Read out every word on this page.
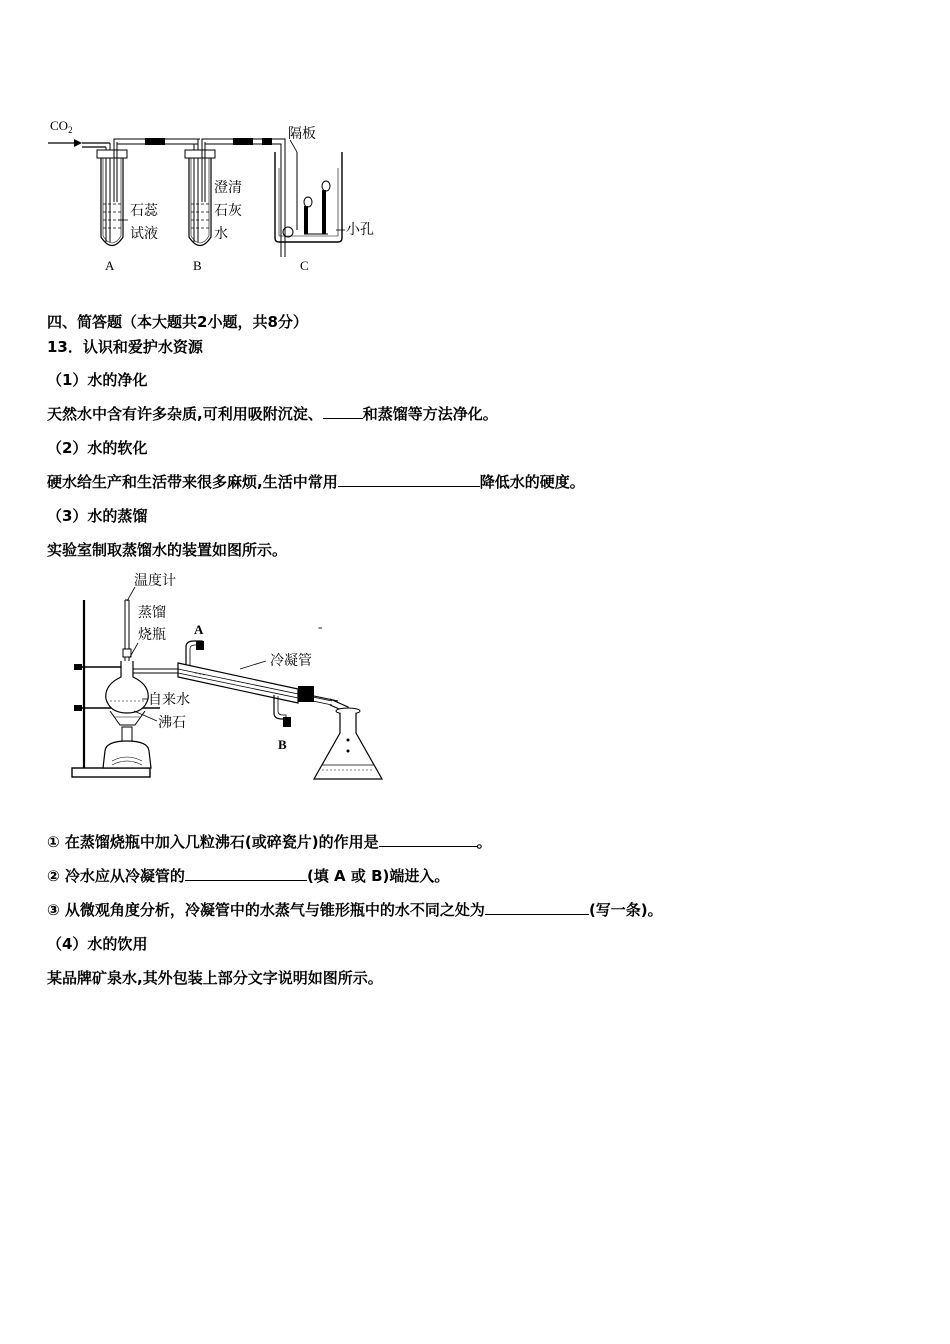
$CO_2$
石蕊
试液
A
澄清
石灰
水
B
隔板
小孔
C
四、简答题（本大题共2小题，共8分）
13．认识和爱护水资源
（1）水的净化
天然水中含有许多杂质,可利用吸附沉淀、	和蒸馏等方法净化。
（2）水的软化
硬水给生产和生活带来很多麻烦,生活中常用	降低水的硬度。
（3）水的蒸馏
实验室制取蒸馏水的装置如图所示。
温度计
蒸馏
烧瓶
自来水
沸石
A
B
冷凝管
-
① 在蒸馏烧瓶中加入几粒沸石(或碎瓷片)的作用是	。
② 冷水应从冷凝管的	(填 A 或 B)端进入。
③ 从微观角度分析，冷凝管中的水蒸气与锥形瓶中的水不同之处为	(写一条)。
（4）水的饮用
某品牌矿泉水,其外包装上部分文字说明如图所示。
